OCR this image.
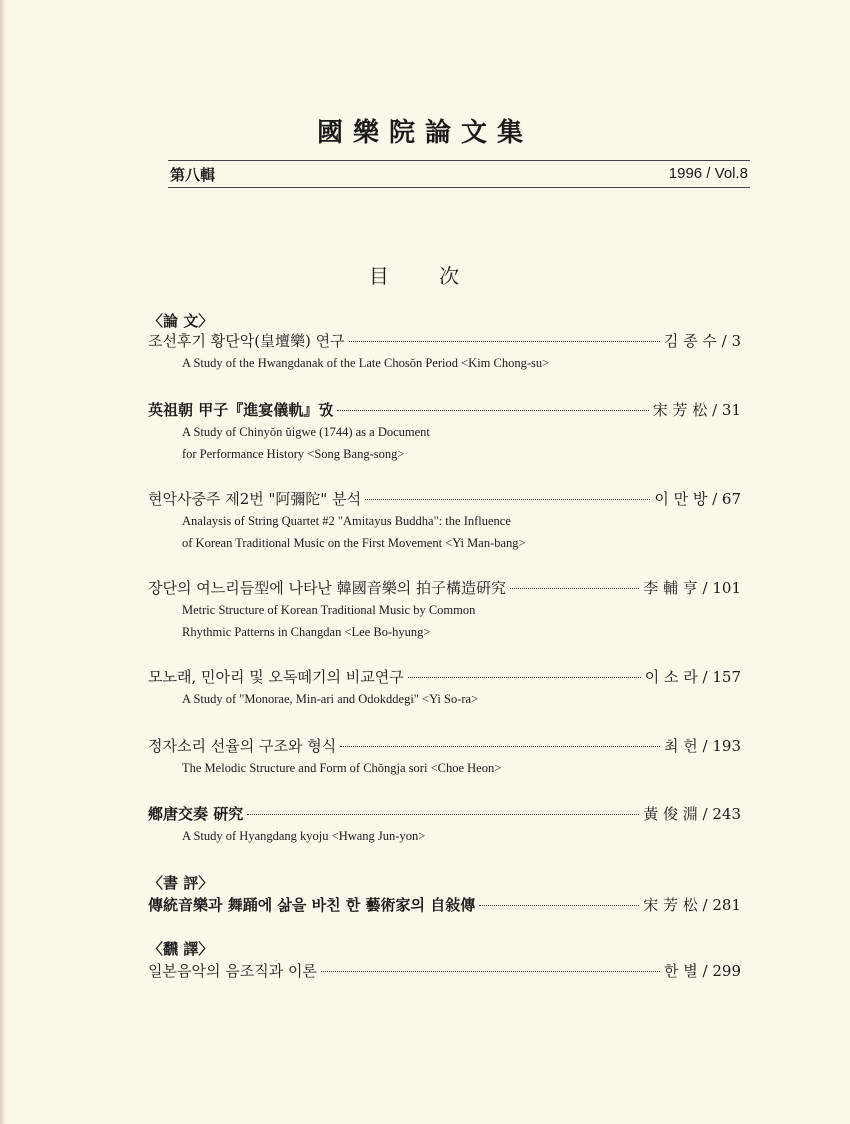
國樂院論文集
第八輯	1996 / Vol.8
目 次
〈論 文〉
조선후기 황단악(皇壇樂) 연구	김 종 수 / 3
A Study of the Hwangdanak of the Late Chosŏn Period <Kim Chong-su>
英祖朝 甲子『進宴儀軌』攷	宋 芳 松 / 31
A Study of Chinyŏn ŭigwe (1744) as a Document
for Performance History <Song Bang-song>
현악사중주 제2번 "阿彌陀" 분석	이 만 방 / 67
Analaysis of String Quartet #2 "Amitayus Buddha": the Influence
of Korean Traditional Music on the First Movement <Yi Man-bang>
장단의 여느리듬型에 나타난 韓國音樂의 拍子構造硏究	李 輔 亨 / 101
Metric Structure of Korean Traditional Music by Common
Rhythmic Patterns in Changdan <Lee Bo-hyung>
모노래, 민아리 및 오독떼기의 비교연구	이 소 라 / 157
A Study of "Monorae, Min-ari and Odokddegi" <Yi So-ra>
정자소리 선율의 구조와 형식	최 헌 / 193
The Melodic Structure and Form of Chŏngja sori <Choe Heon>
鄕唐交奏 硏究	黃 俊 淵 / 243
A Study of Hyangdang kyoju <Hwang Jun-yon>
〈書 評〉
傳統音樂과 舞踊에 삶을 바친 한 藝術家의 自敍傳	宋 芳 松 / 281
〈飜 譯〉
일본음악의 음조직과 이론	한 별 / 299
